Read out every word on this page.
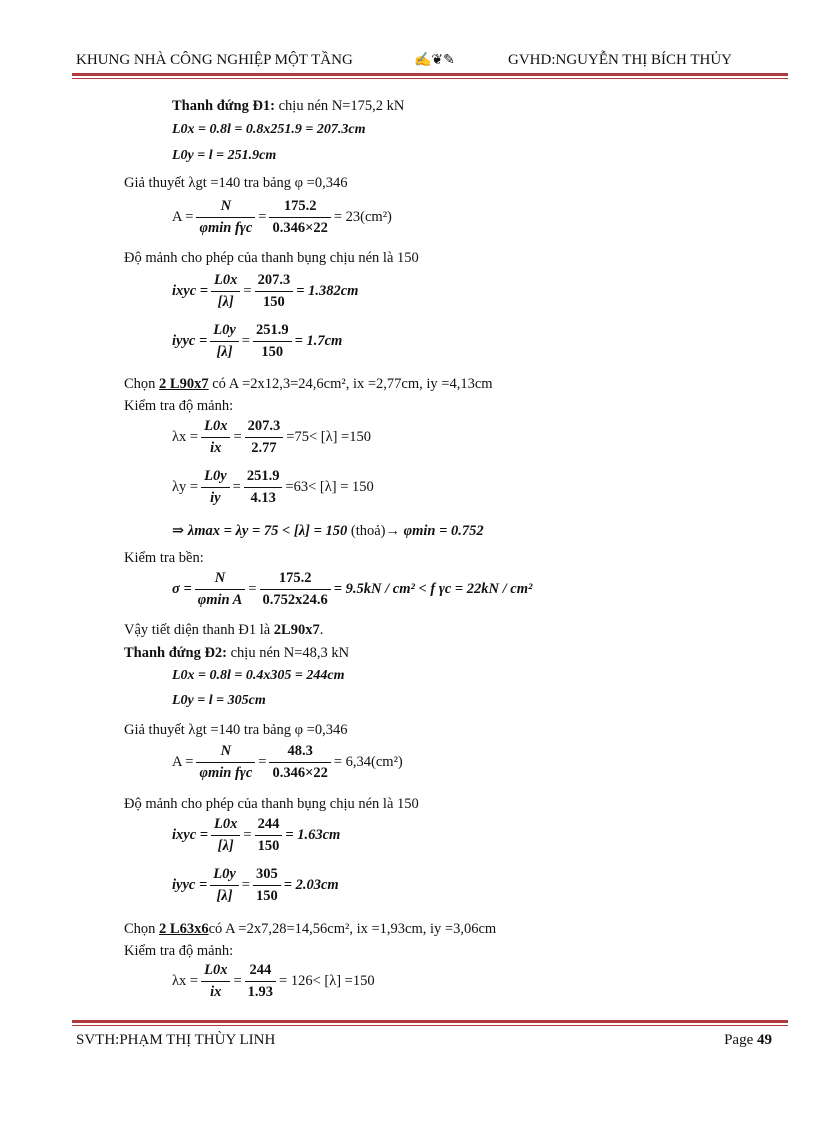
KHUNG NHÀ CÔNG NGHIỆP MỘT TẦNG	✍❦✎	GVHD:NGUYỄN THỊ BÍCH THỦY
Thanh đứng Đ1: chịu nén N=175,2 kN
L0x = 0.8l = 0.8x251.9 = 207.3cm
L0y = l = 251.9cm
Giả thuyết λgt =140 tra bảng φ =0,346
$A = \frac{N}{\text{φmin fγc}} = \frac{175.2}{0.346\times 22} = 23(cm^2)$
Độ mảnh cho phép của thanh bụng chịu nén là 150
ixyc = $\frac{L0x}{[\lambda]} = \frac{207.3}{150} = 1.382cm$
iyyc = $\frac{L0y}{[\lambda]} = \frac{251.9}{150} = 1.7cm$
Chọn 2 L90x7 có A =2x12,3=24,6cm², ix =2,77cm, iy =4,13cm
Kiểm tra độ mảnh:
$\lambda x = \frac{L0x}{ix} = \frac{207.3}{2.77} =75< [\lambda] =150$
$\lambda y = \frac{L0y}{iy} = \frac{251.9}{4.13} =63< [\lambda] = 150$
⇒ λmax = λy = 75 < [λ] = 150 (thoả)→ φmin = 0.752
Kiểm tra bền:
$\sigma = \frac{N}{\text{φmin A}} = \frac{175.2}{0.752x24.6} = 9.5kN / cm^2 < f$ γc = 22kN / cm²
Vậy tiết diện thanh Đ1 là 2L90x7.
Thanh đứng Đ2: chịu nén N=48,3 kN
L0x = 0.8l = 0.4x305 = 244cm
L0y = l = 305cm
Giả thuyết λgt =140 tra bảng φ =0,346
$A = \frac{N}{\text{φmin fγc}} = \frac{48.3}{0.346\times 22} = 6,34(cm^2)$
Độ mảnh cho phép của thanh bụng chịu nén là 150
ixyc = $\frac{L0x}{[\lambda]} = \frac{244}{150} = 1.63cm$
iyyc = $\frac{L0y}{[\lambda]} = \frac{305}{150} = 2.03cm$
Chọn 2 L63x6có A =2x7,28=14,56cm², ix =1,93cm, iy =3,06cm
Kiểm tra độ mảnh:
$\lambda x = \frac{L0x}{ix} = \frac{244}{1.93} = 126< [\lambda] =150$
SVTH:PHẠM THỊ THÙY LINH	Page 49
